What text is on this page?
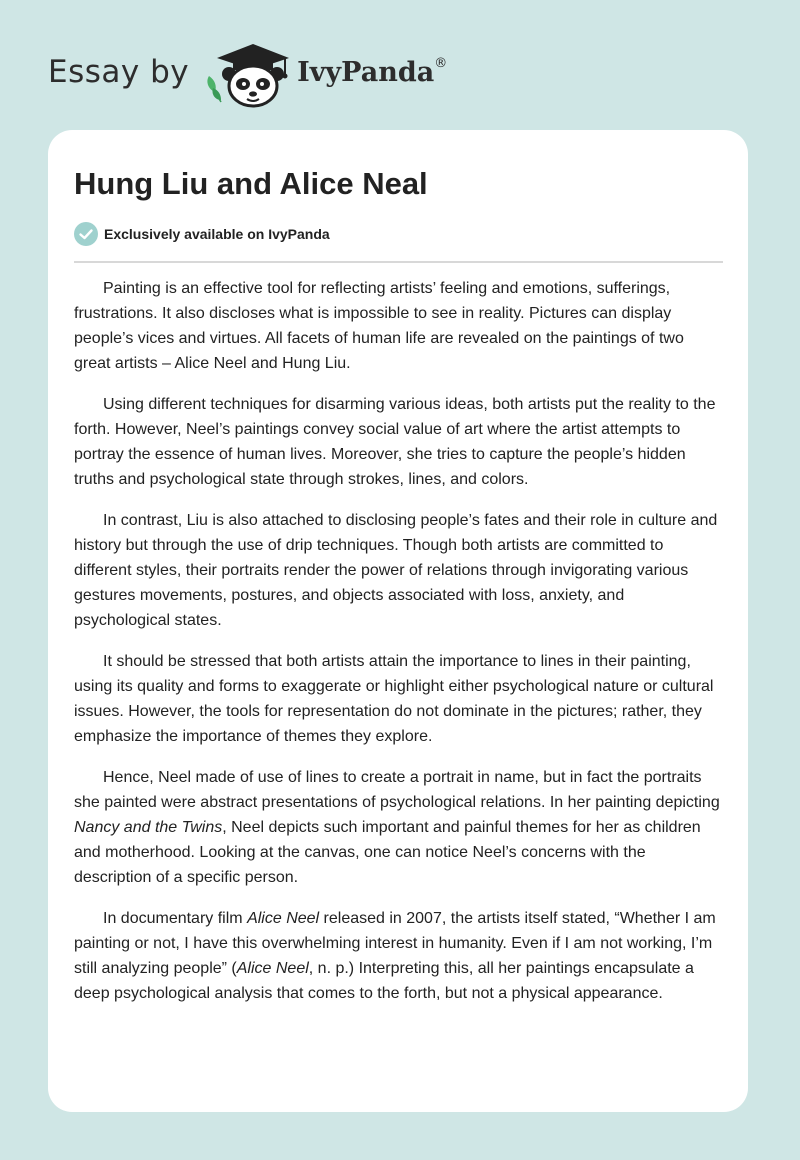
Essay by	IvyPanda®
Hung Liu and Alice Neal
Exclusively available on IvyPanda

Painting is an effective tool for reflecting artists’ feeling and emotions, sufferings, frustrations. It also discloses what is impossible to see in reality. Pictures can display people’s vices and virtues. All facets of human life are revealed on the paintings of two great artists – Alice Neel and Hung Liu.

Using different techniques for disarming various ideas, both artists put the reality to the forth. However, Neel’s paintings convey social value of art where the artist attempts to portray the essence of human lives. Moreover, she tries to capture the people’s hidden truths and psychological state through strokes, lines, and colors.

In contrast, Liu is also attached to disclosing people’s fates and their role in culture and history but through the use of drip techniques. Though both artists are committed to different styles, their portraits render the power of relations through invigorating various gestures movements, postures, and objects associated with loss, anxiety, and psychological states.

It should be stressed that both artists attain the importance to lines in their painting, using its quality and forms to exaggerate or highlight either psychological nature or cultural issues. However, the tools for representation do not dominate in the pictures; rather, they emphasize the importance of themes they explore.

Hence, Neel made of use of lines to create a portrait in name, but in fact the portraits she painted were abstract presentations of psychological relations. In her painting depicting Nancy and the Twins, Neel depicts such important and painful themes for her as children and motherhood. Looking at the canvas, one can notice Neel’s concerns with the description of a specific person.

In documentary film Alice Neel released in 2007, the artists itself stated, “Whether I am painting or not, I have this overwhelming interest in humanity. Even if I am not working, I’m still analyzing people” (Alice Neel, n. p.) Interpreting this, all her paintings encapsulate a deep psychological analysis that comes to the forth, but not a physical appearance.
